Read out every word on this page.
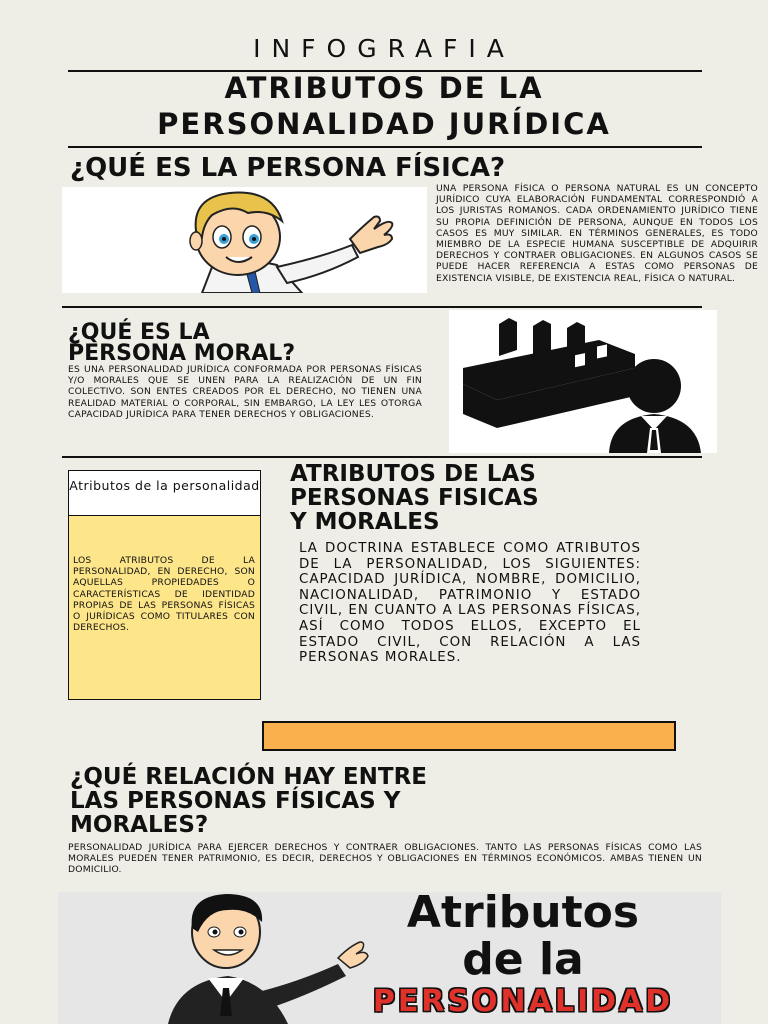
INFOGRAFIA
ATRIBUTOS DE LA
PERSONALIDAD JURÍDICA
¿QUÉ ES LA PERSONA FÍSICA?
UNA PERSONA FÍSICA O PERSONA NATURAL ES UN CONCEPTO JURÍDICO CUYA ELABORACIÓN FUNDAMENTAL CORRESPONDIÓ A LOS JURISTAS ROMANOS. CADA ORDENAMIENTO JURÍDICO TIENE SU PROPIA DEFINICIÓN DE PERSONA, AUNQUE EN TODOS LOS CASOS ES MUY SIMILAR. EN TÉRMINOS GENERALES, ES TODO MIEMBRO DE LA ESPECIE HUMANA SUSCEPTIBLE DE ADQUIRIR DERECHOS Y CONTRAER OBLIGACIONES. EN ALGUNOS CASOS SE PUEDE HACER REFERENCIA A ESTAS COMO PERSONAS DE EXISTENCIA VISIBLE, DE EXISTENCIA REAL, FÍSICA O NATURAL.
¿QUÉ ES LA
PERSONA MORAL?
ES UNA PERSONALIDAD JURÍDICA CONFORMADA POR PERSONAS FÍSICAS Y/O MORALES QUE SE UNEN PARA LA REALIZACIÓN DE UN FIN COLECTIVO. SON ENTES CREADOS POR EL DERECHO, NO TIENEN UNA REALIDAD MATERIAL O CORPORAL, SIN EMBARGO, LA LEY LES OTORGA CAPACIDAD JURÍDICA PARA TENER DERECHOS Y OBLIGACIONES.
Atributos de la personalidad
LOS ATRIBUTOS DE LA PERSONALIDAD, EN DERECHO, SON AQUELLAS PROPIEDADES O CARACTERÍSTICAS DE IDENTIDAD PROPIAS DE LAS PERSONAS FÍSICAS O JURÍDICAS COMO TITULARES CON DERECHOS.
ATRIBUTOS DE LAS
PERSONAS FISICAS
Y MORALES
LA DOCTRINA ESTABLECE COMO ATRIBUTOS DE LA PERSONALIDAD, LOS SIGUIENTES: CAPACIDAD JURÍDICA, NOMBRE, DOMICILIO, NACIONALIDAD, PATRIMONIO Y ESTADO CIVIL, EN CUANTO A LAS PERSONAS FÍSICAS, ASÍ COMO TODOS ELLOS, EXCEPTO EL ESTADO CIVIL, CON RELACIÓN A LAS PERSONAS MORALES.
¿QUÉ RELACIÓN HAY ENTRE
LAS PERSONAS FÍSICAS Y
MORALES?
PERSONALIDAD JURÍDICA PARA EJERCER DERECHOS Y CONTRAER OBLIGACIONES. TANTO LAS PERSONAS FÍSICAS COMO LAS MORALES PUEDEN TENER PATRIMONIO, ES DECIR, DERECHOS Y OBLIGACIONES EN TÉRMINOS ECONÓMICOS. AMBAS TIENEN UN DOMICILIO.
Atributos
de la
PERSONALIDAD
